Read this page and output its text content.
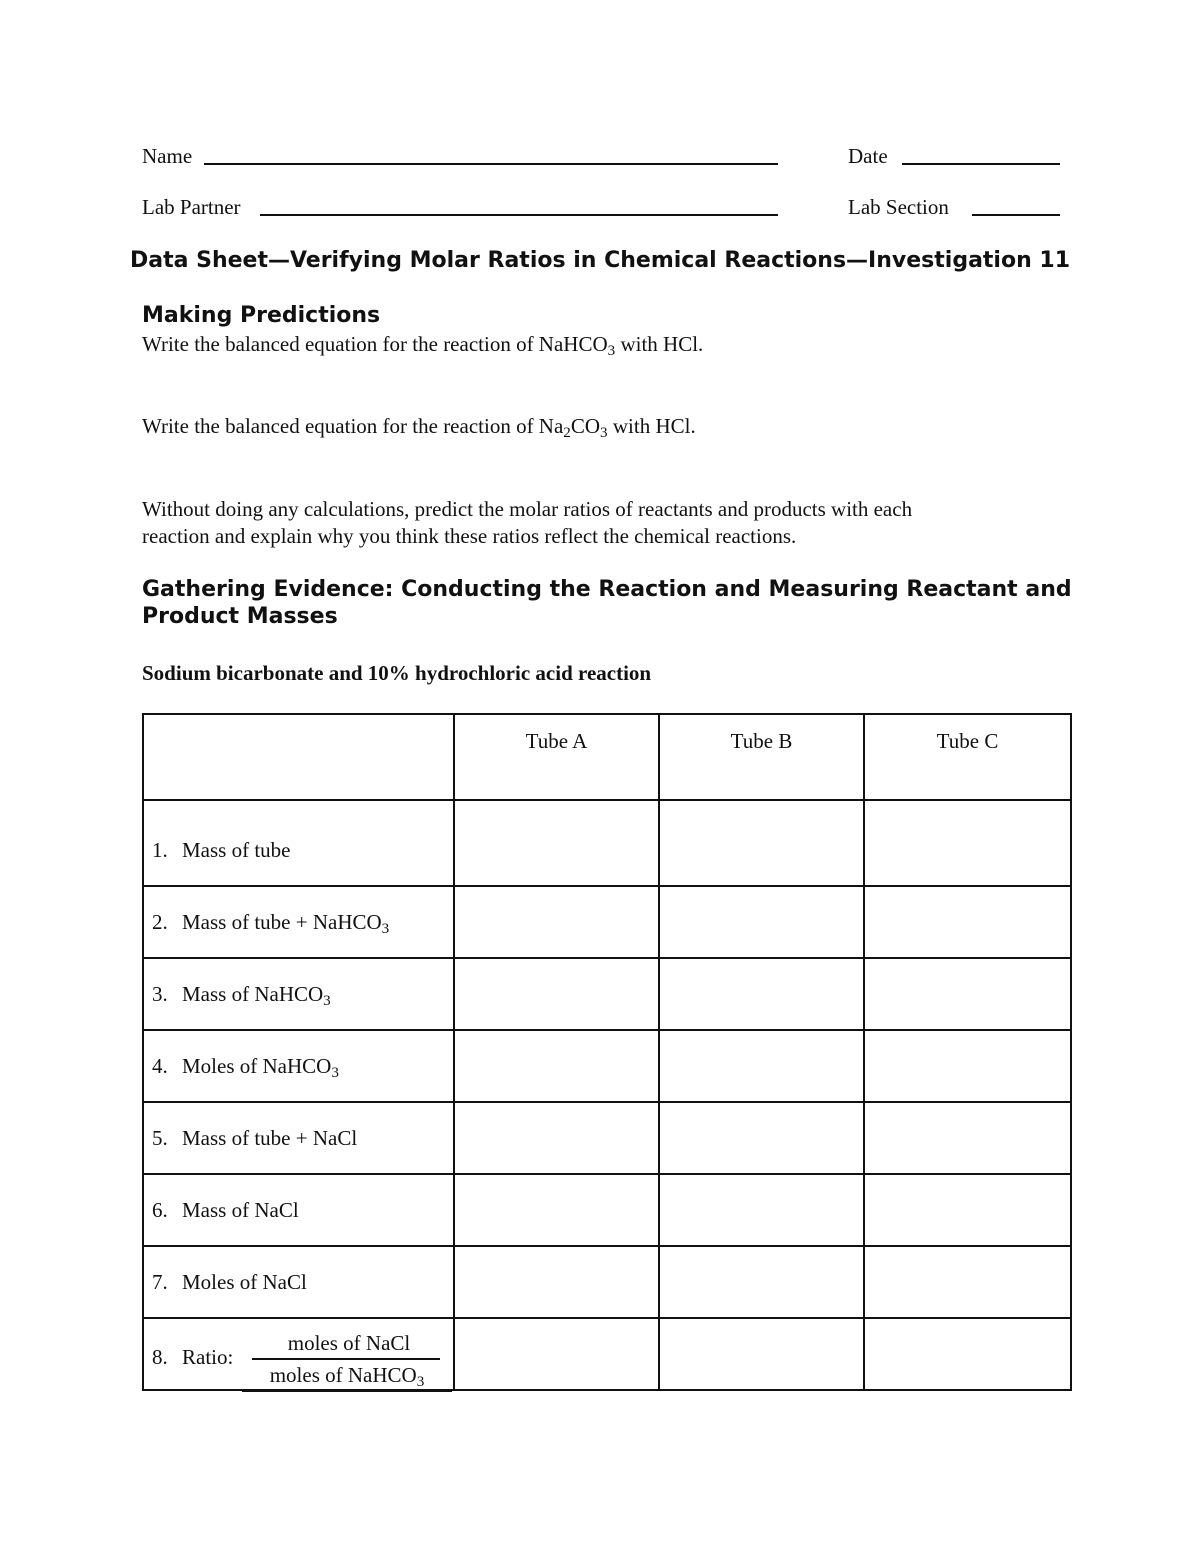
Name	Date
Lab Partner	Lab Section
Data Sheet—Verifying Molar Ratios in Chemical Reactions—Investigation 11
Making Predictions
Write the balanced equation for the reaction of NaHCO$_3$ with HCl.
Write the balanced equation for the reaction of $Na_2CO_3$ with HCl.
Without doing any calculations, predict the molar ratios of reactants and products with each
reaction and explain why you think these ratios reflect the chemical reactions.
Gathering Evidence: Conducting the Reaction and Measuring Reactant and
Product Masses
Sodium bicarbonate and 10% hydrochloric acid reaction
	Tube A	Tube B	Tube C
1. Mass of tube			
2. Mass of tube + NaHCO$_3$			
3. Mass of NaHCO$_3$			
4. Moles of NaHCO$_3$			
5. Mass of tube + NaCl			
6. Mass of NaCl			
7. Moles of NaCl			

8. Ratio:
moles of NaCl
moles of NaHCO$_3$
